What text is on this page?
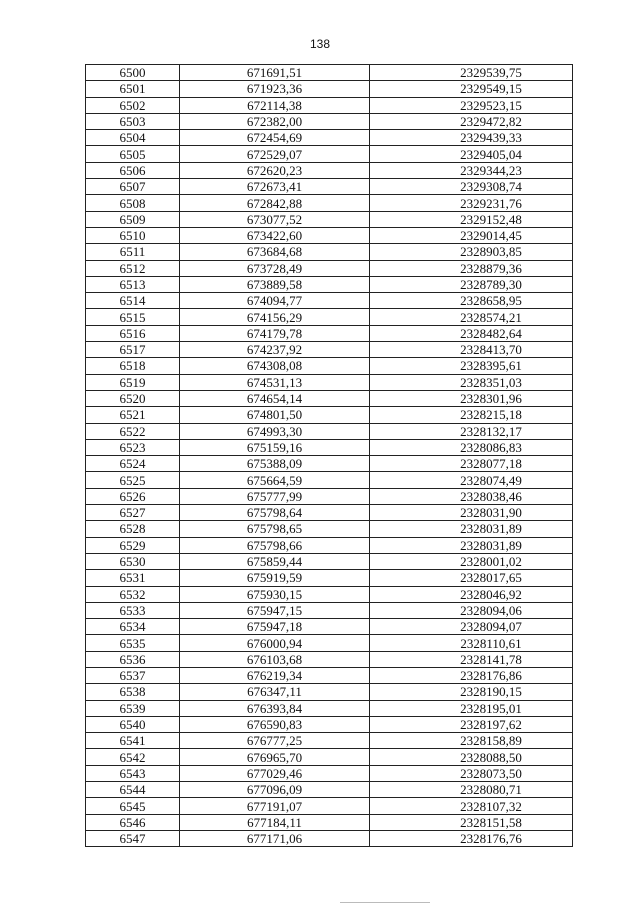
138
6500	671691,51	2329539,75
6501	671923,36	2329549,15
6502	672114,38	2329523,15
6503	672382,00	2329472,82
6504	672454,69	2329439,33
6505	672529,07	2329405,04
6506	672620,23	2329344,23
6507	672673,41	2329308,74
6508	672842,88	2329231,76
6509	673077,52	2329152,48
6510	673422,60	2329014,45
6511	673684,68	2328903,85
6512	673728,49	2328879,36
6513	673889,58	2328789,30
6514	674094,77	2328658,95
6515	674156,29	2328574,21
6516	674179,78	2328482,64
6517	674237,92	2328413,70
6518	674308,08	2328395,61
6519	674531,13	2328351,03
6520	674654,14	2328301,96
6521	674801,50	2328215,18
6522	674993,30	2328132,17
6523	675159,16	2328086,83
6524	675388,09	2328077,18
6525	675664,59	2328074,49
6526	675777,99	2328038,46
6527	675798,64	2328031,90
6528	675798,65	2328031,89
6529	675798,66	2328031,89
6530	675859,44	2328001,02
6531	675919,59	2328017,65
6532	675930,15	2328046,92
6533	675947,15	2328094,06
6534	675947,18	2328094,07
6535	676000,94	2328110,61
6536	676103,68	2328141,78
6537	676219,34	2328176,86
6538	676347,11	2328190,15
6539	676393,84	2328195,01
6540	676590,83	2328197,62
6541	676777,25	2328158,89
6542	676965,70	2328088,50
6543	677029,46	2328073,50
6544	677096,09	2328080,71
6545	677191,07	2328107,32
6546	677184,11	2328151,58
6547	677171,06	2328176,76
